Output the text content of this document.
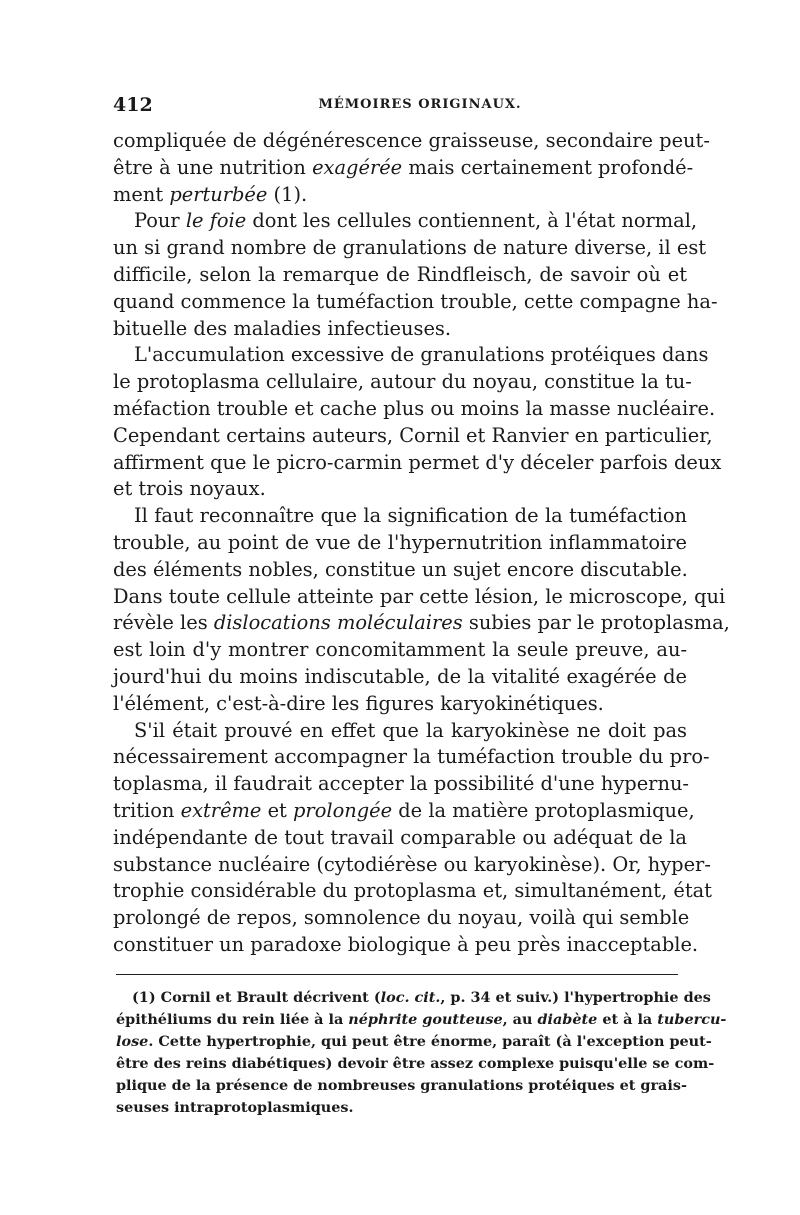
412	MÉMOIRES ORIGINAUX.
compliquée de dégénérescence graisseuse, secondaire peut-
être à une nutrition exagérée mais certainement profondé-
ment perturbée (1).
Pour le foie dont les cellules contiennent, à l'état normal,
un si grand nombre de granulations de nature diverse, il est
difficile, selon la remarque de Rindfleisch, de savoir où et
quand commence la tuméfaction trouble, cette compagne ha-
bituelle des maladies infectieuses.
L'accumulation excessive de granulations protéiques dans
le protoplasma cellulaire, autour du noyau, constitue la tu-
méfaction trouble et cache plus ou moins la masse nucléaire.
Cependant certains auteurs, Cornil et Ranvier en particulier,
affirment que le picro-carmin permet d'y déceler parfois deux
et trois noyaux.
Il faut reconnaître que la signification de la tuméfaction
trouble, au point de vue de l'hypernutrition inflammatoire
des éléments nobles, constitue un sujet encore discutable.
Dans toute cellule atteinte par cette lésion, le microscope, qui
révèle les dislocations moléculaires subies par le protoplasma,
est loin d'y montrer concomitamment la seule preuve, au-
jourd'hui du moins indiscutable, de la vitalité exagérée de
l'élément, c'est-à-dire les figures karyokinétiques.
S'il était prouvé en effet que la karyokinèse ne doit pas
nécessairement accompagner la tuméfaction trouble du pro-
toplasma, il faudrait accepter la possibilité d'une hypernu-
trition extrême et prolongée de la matière protoplasmique,
indépendante de tout travail comparable ou adéquat de la
substance nucléaire (cytodiérèse ou karyokinèse). Or, hyper-
trophie considérable du protoplasma et, simultanément, état
prolongé de repos, somnolence du noyau, voilà qui semble
constituer un paradoxe biologique à peu près inacceptable.
(1) Cornil et Brault décrivent (loc. cit., p. 34 et suiv.) l'hypertrophie des
épithéliums du rein liée à la néphrite goutteuse, au diabète et à la tubercu-
lose. Cette hypertrophie, qui peut être énorme, paraît (à l'exception peut-
être des reins diabétiques) devoir être assez complexe puisqu'elle se com-
plique de la présence de nombreuses granulations protéiques et grais-
seuses intraprotoplasmiques.
